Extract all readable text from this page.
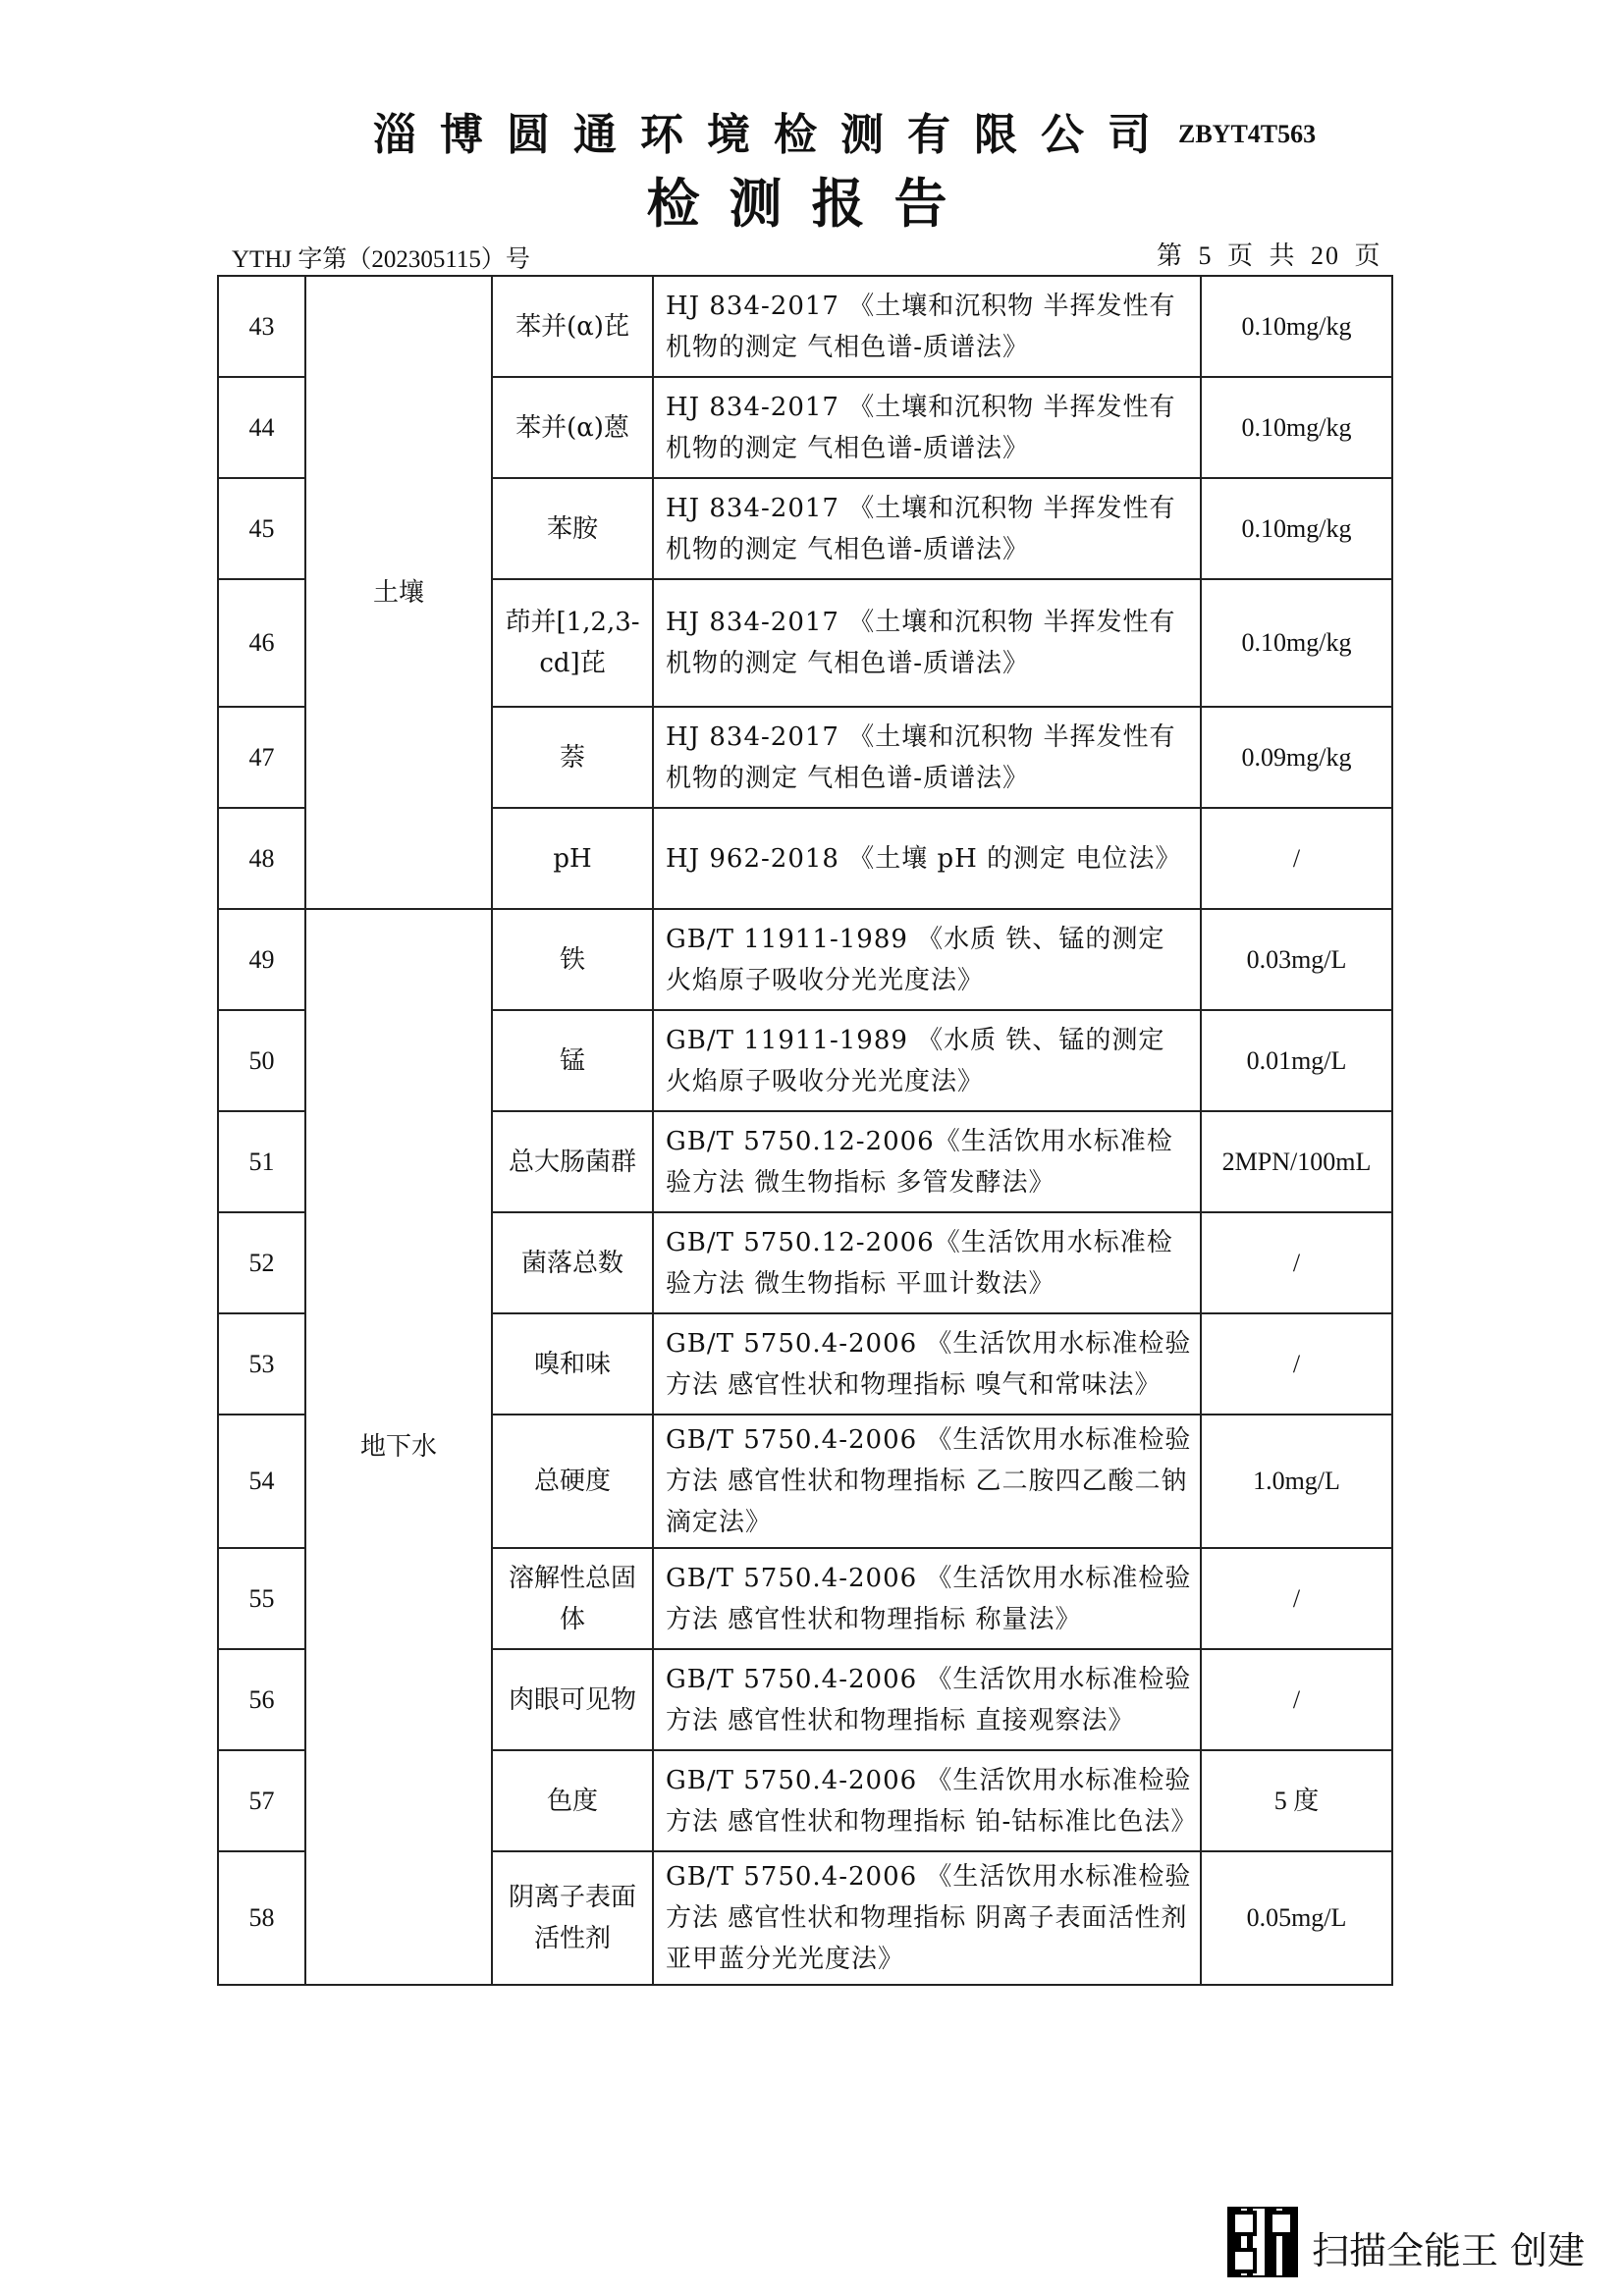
淄博圆通环境检测有限公司 ZBYT4T563
检测报告
YTHJ 字第（202305115）号	第 5 页 共 20 页
43	土壤	苯并(α)芘	HJ 834-2017 《土壤和沉积物 半挥发性有机物的测定 气相色谱-质谱法》	0.10mg/kg
44		苯并(α)蒽	HJ 834-2017 《土壤和沉积物 半挥发性有机物的测定 气相色谱-质谱法》	0.10mg/kg
45		苯胺	HJ 834-2017 《土壤和沉积物 半挥发性有机物的测定 气相色谱-质谱法》	0.10mg/kg
46		茚并[1,2,3-cd]芘	HJ 834-2017 《土壤和沉积物 半挥发性有机物的测定 气相色谱-质谱法》	0.10mg/kg
47		萘	HJ 834-2017 《土壤和沉积物 半挥发性有机物的测定 气相色谱-质谱法》	0.09mg/kg
48		pH	HJ 962-2018 《土壤 pH 的测定 电位法》	/
49	地下水	铁	GB/T 11911-1989 《水质 铁、锰的测定 火焰原子吸收分光光度法》	0.03mg/L
50		锰	GB/T 11911-1989 《水质 铁、锰的测定 火焰原子吸收分光光度法》	0.01mg/L
51		总大肠菌群	GB/T 5750.12-2006《生活饮用水标准检验方法 微生物指标 多管发酵法》	2MPN/100mL
52		菌落总数	GB/T 5750.12-2006《生活饮用水标准检验方法 微生物指标 平皿计数法》	/
53		嗅和味	GB/T 5750.4-2006 《生活饮用水标准检验方法 感官性状和物理指标 嗅气和常味法》	/
54		总硬度	GB/T 5750.4-2006 《生活饮用水标准检验方法 感官性状和物理指标 乙二胺四乙酸二钠滴定法》	1.0mg/L
55		溶解性总固体	GB/T 5750.4-2006 《生活饮用水标准检验方法 感官性状和物理指标 称量法》	/
56		肉眼可见物	GB/T 5750.4-2006 《生活饮用水标准检验方法 感官性状和物理指标 直接观察法》	/
57		色度	GB/T 5750.4-2006 《生活饮用水标准检验方法 感官性状和物理指标 铂-钴标准比色法》	5 度
58		阴离子表面活性剂	GB/T 5750.4-2006 《生活饮用水标准检验方法 感官性状和物理指标 阴离子表面活性剂亚甲蓝分光光度法》	0.05mg/L
扫描全能王 创建
